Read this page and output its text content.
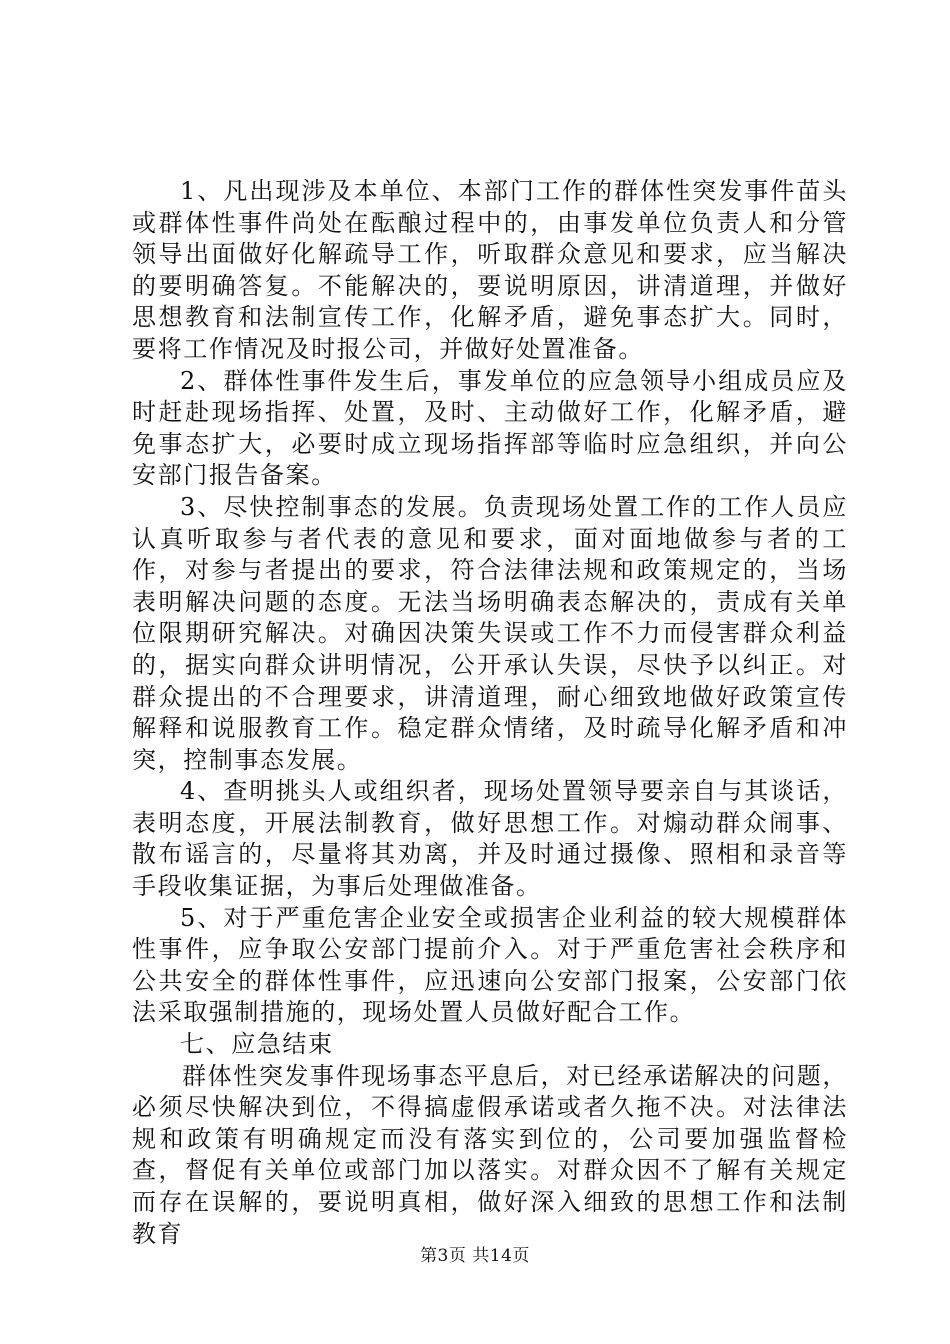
1、凡出现涉及本单位、本部门工作的群体性突发事件苗头或群体性事件尚处在酝酿过程中的，由事发单位负责人和分管领导出面做好化解疏导工作，听取群众意见和要求，应当解决的要明确答复。不能解决的，要说明原因，讲清道理，并做好思想教育和法制宣传工作，化解矛盾，避免事态扩大。同时，要将工作情况及时报公司，并做好处置准备。

2、群体性事件发生后，事发单位的应急领导小组成员应及时赶赴现场指挥、处置，及时、主动做好工作，化解矛盾，避免事态扩大，必要时成立现场指挥部等临时应急组织，并向公安部门报告备案。

3、尽快控制事态的发展。负责现场处置工作的工作人员应认真听取参与者代表的意见和要求，面对面地做参与者的工作，对参与者提出的要求，符合法律法规和政策规定的，当场表明解决问题的态度。无法当场明确表态解决的，责成有关单位限期研究解决。对确因决策失误或工作不力而侵害群众利益的，据实向群众讲明情况，公开承认失误，尽快予以纠正。对群众提出的不合理要求，讲清道理，耐心细致地做好政策宣传解释和说服教育工作。稳定群众情绪，及时疏导化解矛盾和冲突，控制事态发展。

4、查明挑头人或组织者，现场处置领导要亲自与其谈话，表明态度，开展法制教育，做好思想工作。对煽动群众闹事、散布谣言的，尽量将其劝离，并及时通过摄像、照相和录音等手段收集证据，为事后处理做准备。

5、对于严重危害企业安全或损害企业利益的较大规模群体性事件，应争取公安部门提前介入。对于严重危害社会秩序和公共安全的群体性事件，应迅速向公安部门报案，公安部门依法采取强制措施的，现场处置人员做好配合工作。

七、应急结束

群体性突发事件现场事态平息后，对已经承诺解决的问题，必须尽快解决到位，不得搞虚假承诺或者久拖不决。对法律法规和政策有明确规定而没有落实到位的，公司要加强监督检查，督促有关单位或部门加以落实。对群众因不了解有关规定而存在误解的，要说明真相，做好深入细致的思想工作和法制教育

第3页 共14页
